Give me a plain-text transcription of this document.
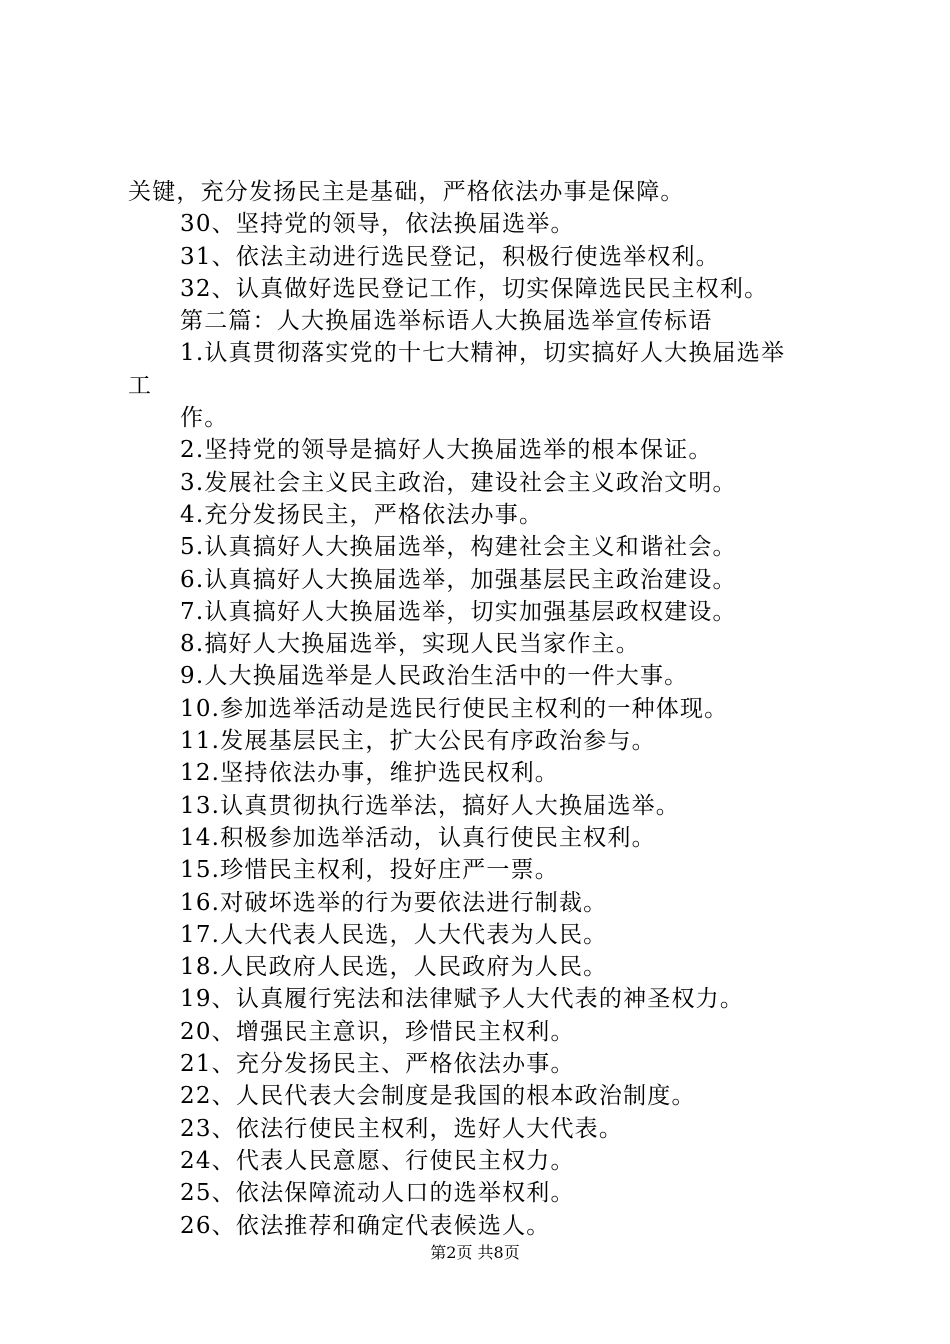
关键，充分发扬民主是基础，严格依法办事是保障。
30、坚持党的领导，依法换届选举。
31、依法主动进行选民登记，积极行使选举权利。
32、认真做好选民登记工作，切实保障选民民主权利。
第二篇：人大换届选举标语人大换届选举宣传标语
1.认真贯彻落实党的十七大精神，切实搞好人大换届选举
工
作。
2.坚持党的领导是搞好人大换届选举的根本保证。
3.发展社会主义民主政治，建设社会主义政治文明。
4.充分发扬民主，严格依法办事。
5.认真搞好人大换届选举，构建社会主义和谐社会。
6.认真搞好人大换届选举，加强基层民主政治建设。
7.认真搞好人大换届选举，切实加强基层政权建设。
8.搞好人大换届选举，实现人民当家作主。
9.人大换届选举是人民政治生活中的一件大事。
10.参加选举活动是选民行使民主权利的一种体现。
11.发展基层民主，扩大公民有序政治参与。
12.坚持依法办事，维护选民权利。
13.认真贯彻执行选举法，搞好人大换届选举。
14.积极参加选举活动，认真行使民主权利。
15.珍惜民主权利，投好庄严一票。
16.对破坏选举的行为要依法进行制裁。
17.人大代表人民选，人大代表为人民。
18.人民政府人民选，人民政府为人民。
19、认真履行宪法和法律赋予人大代表的神圣权力。
20、增强民主意识，珍惜民主权利。
21、充分发扬民主、严格依法办事。
22、人民代表大会制度是我国的根本政治制度。
23、依法行使民主权利，选好人大代表。
24、代表人民意愿、行使民主权力。
25、依法保障流动人口的选举权利。
26、依法推荐和确定代表候选人。
第2页 共8页
